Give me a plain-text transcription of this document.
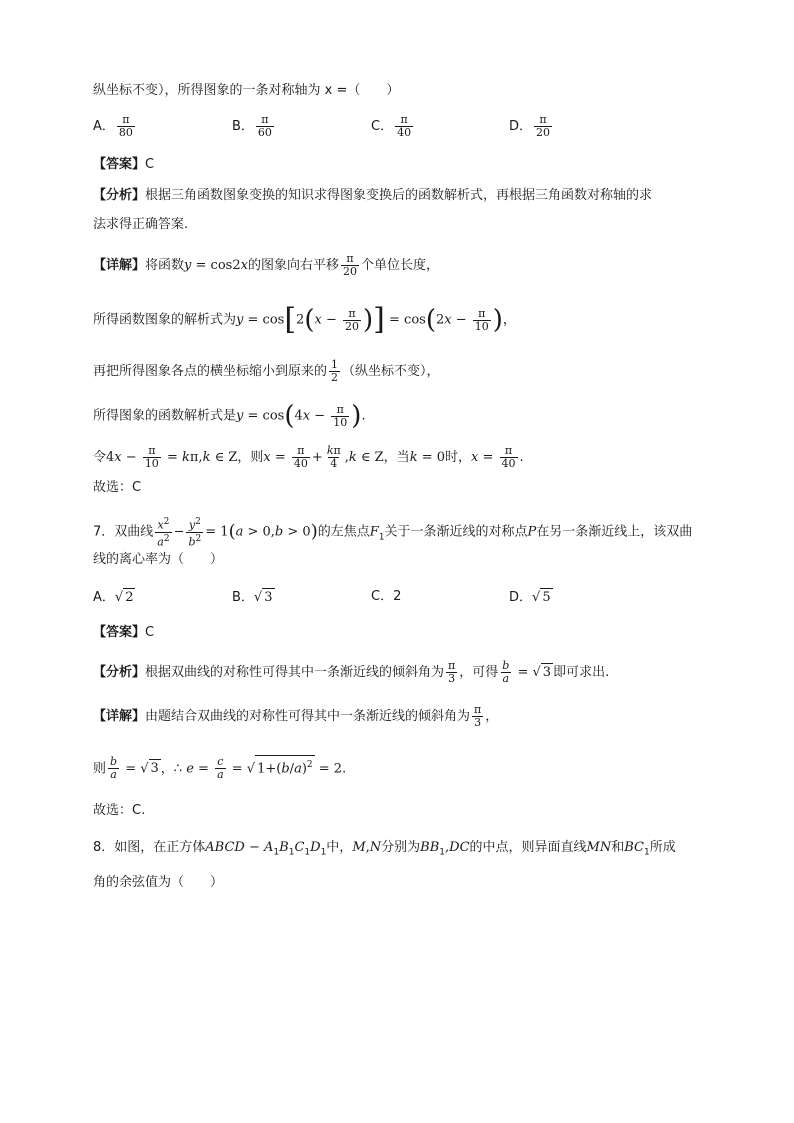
纵坐标不变），所得图象的一条对称轴为 x =（　　）
A． $\frac{\pi}{80}$	B． $\frac{\pi}{60}$	C． $\frac{\pi}{40}$	D． $\frac{\pi}{20}$
【答案】C
【分析】根据三角函数图象变换的知识求得图象变换后的函数解析式，再根据三角函数对称轴的求
法求得正确答案.
【详解】将函数y = cos2x的图象向右平移 $\frac{\pi}{20}$ 个单位长度，
所得函数图象的解析式为$y = \cos[2(x - \frac{\pi}{20}$ )] = $\cos(2x - \frac{\pi}{10}$ )，
再把所得图象各点的横坐标缩小到原来的 $\frac{1}{2}$ （纵坐标不变），
所得图象的函数解析式是$y = \cos(4x - \frac{\pi}{10}$ ).
令$4x - \frac{\pi}{10} = k\pi,k$ ∈ Z，则$x = \frac{\pi}{40} + \frac{k\pi}{4} ,k$ ∈ Z，当k = 0时，$x = \frac{\pi}{40}$ .
故选：C
7．双曲线 $\frac{x^2}{a^2} - \frac{y^2}{b^2} = 1(a > 0,b > 0)$的左焦点$F_1$关于一条渐近线的对称点P在另一条渐近线上，该双曲
线的离心率为（　　）
A．√ 2	B．√ 3	C．2	D．√ 5
【答案】C
【分析】根据双曲线的对称性可得其中一条渐近线的倾斜角为 $\frac{\pi}{3}$ ，可得 $\frac{b}{a}$ = √ 3 即可求出.
【详解】由题结合双曲线的对称性可得其中一条渐近线的倾斜角为 $\frac{\pi}{3}$ ，
则 $\frac{b}{a}$ = √ 3 ，∴ $e = \frac{c}{a}$ = √ $1+(b/a)^2 = 2$.
故选：C.
8．如图，在正方体ABCD − $A_1B_1C_1D_1$中，M,N分别为$BB_1,DC$的中点，则异面直线MN和$BC_1$所成
角的余弦值为（　　）
